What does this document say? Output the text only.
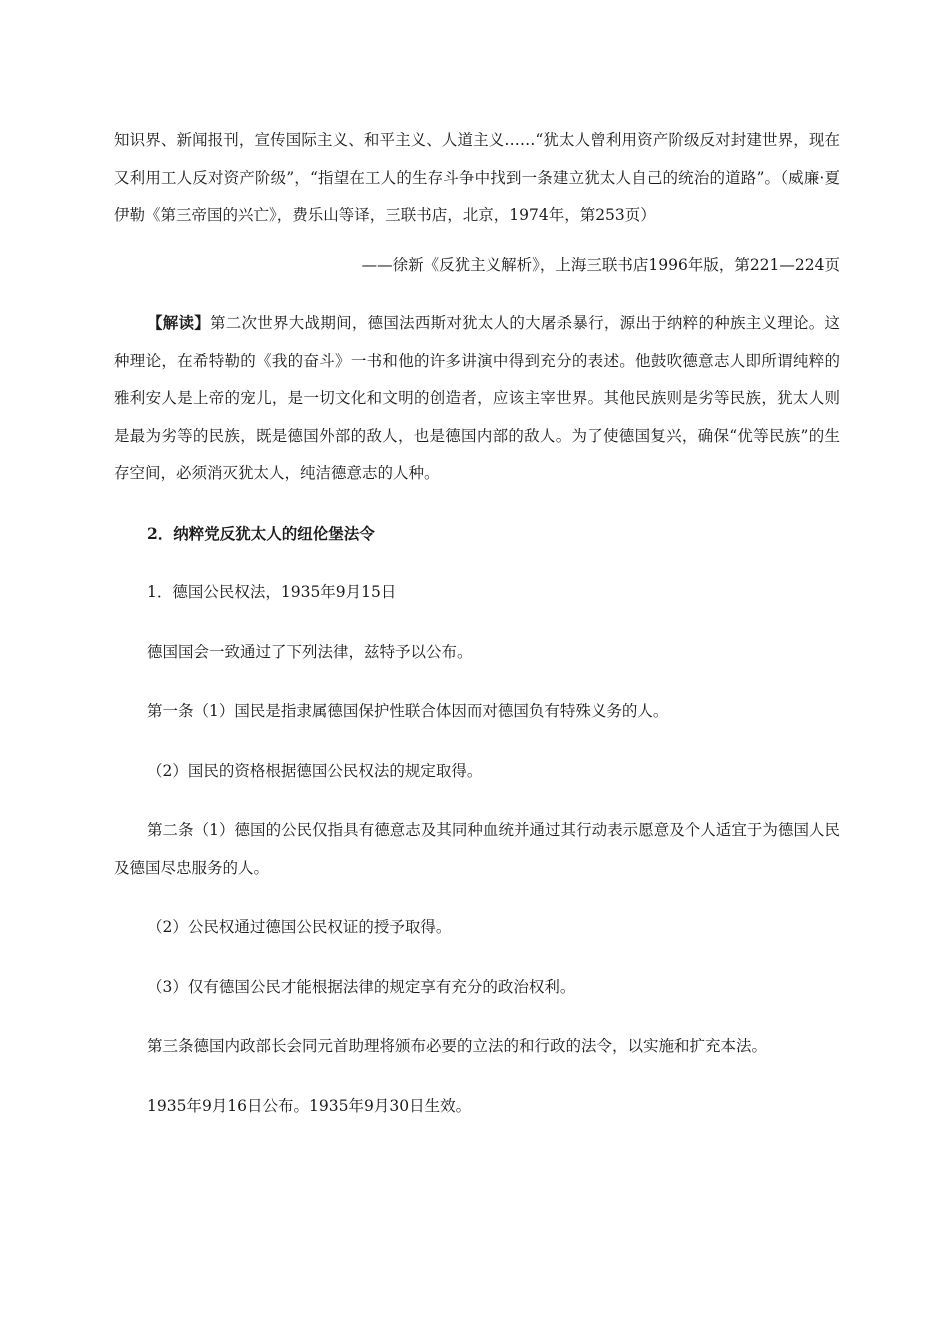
知识界、新闻报刊，宣传国际主义、和平主义、人道主义……“犹太人曾利用资产阶级反对封建世界，现在又利用工人反对资产阶级”，“指望在工人的生存斗争中找到一条建立犹太人自己的统治的道路”。（威廉·夏伊勒《第三帝国的兴亡》，费乐山等译，三联书店，北京，1974年，第253页）

——徐新《反犹主义解析》，上海三联书店1996年版，第221—224页

【解读】第二次世界大战期间，德国法西斯对犹太人的大屠杀暴行，源出于纳粹的种族主义理论。这种理论，在希特勒的《我的奋斗》一书和他的许多讲演中得到充分的表述。他鼓吹德意志人即所谓纯粹的雅利安人是上帝的宠儿，是一切文化和文明的创造者，应该主宰世界。其他民族则是劣等民族，犹太人则是最为劣等的民族，既是德国外部的敌人，也是德国内部的敌人。为了使德国复兴，确保“优等民族”的生存空间，必须消灭犹太人，纯洁德意志的人种。

2．纳粹党反犹太人的纽伦堡法令

1．德国公民权法，1935年9月15日

德国国会一致通过了下列法律，兹特予以公布。

第一条（1）国民是指隶属德国保护性联合体因而对德国负有特殊义务的人。

（2）国民的资格根据德国公民权法的规定取得。

第二条（1）德国的公民仅指具有德意志及其同种血统并通过其行动表示愿意及个人适宜于为德国人民及德国尽忠服务的人。

（2）公民权通过德国公民权证的授予取得。

（3）仅有德国公民才能根据法律的规定享有充分的政治权利。

第三条德国内政部长会同元首助理将颁布必要的立法的和行政的法令，以实施和扩充本法。

1935年9月16日公布。1935年9月30日生效。
